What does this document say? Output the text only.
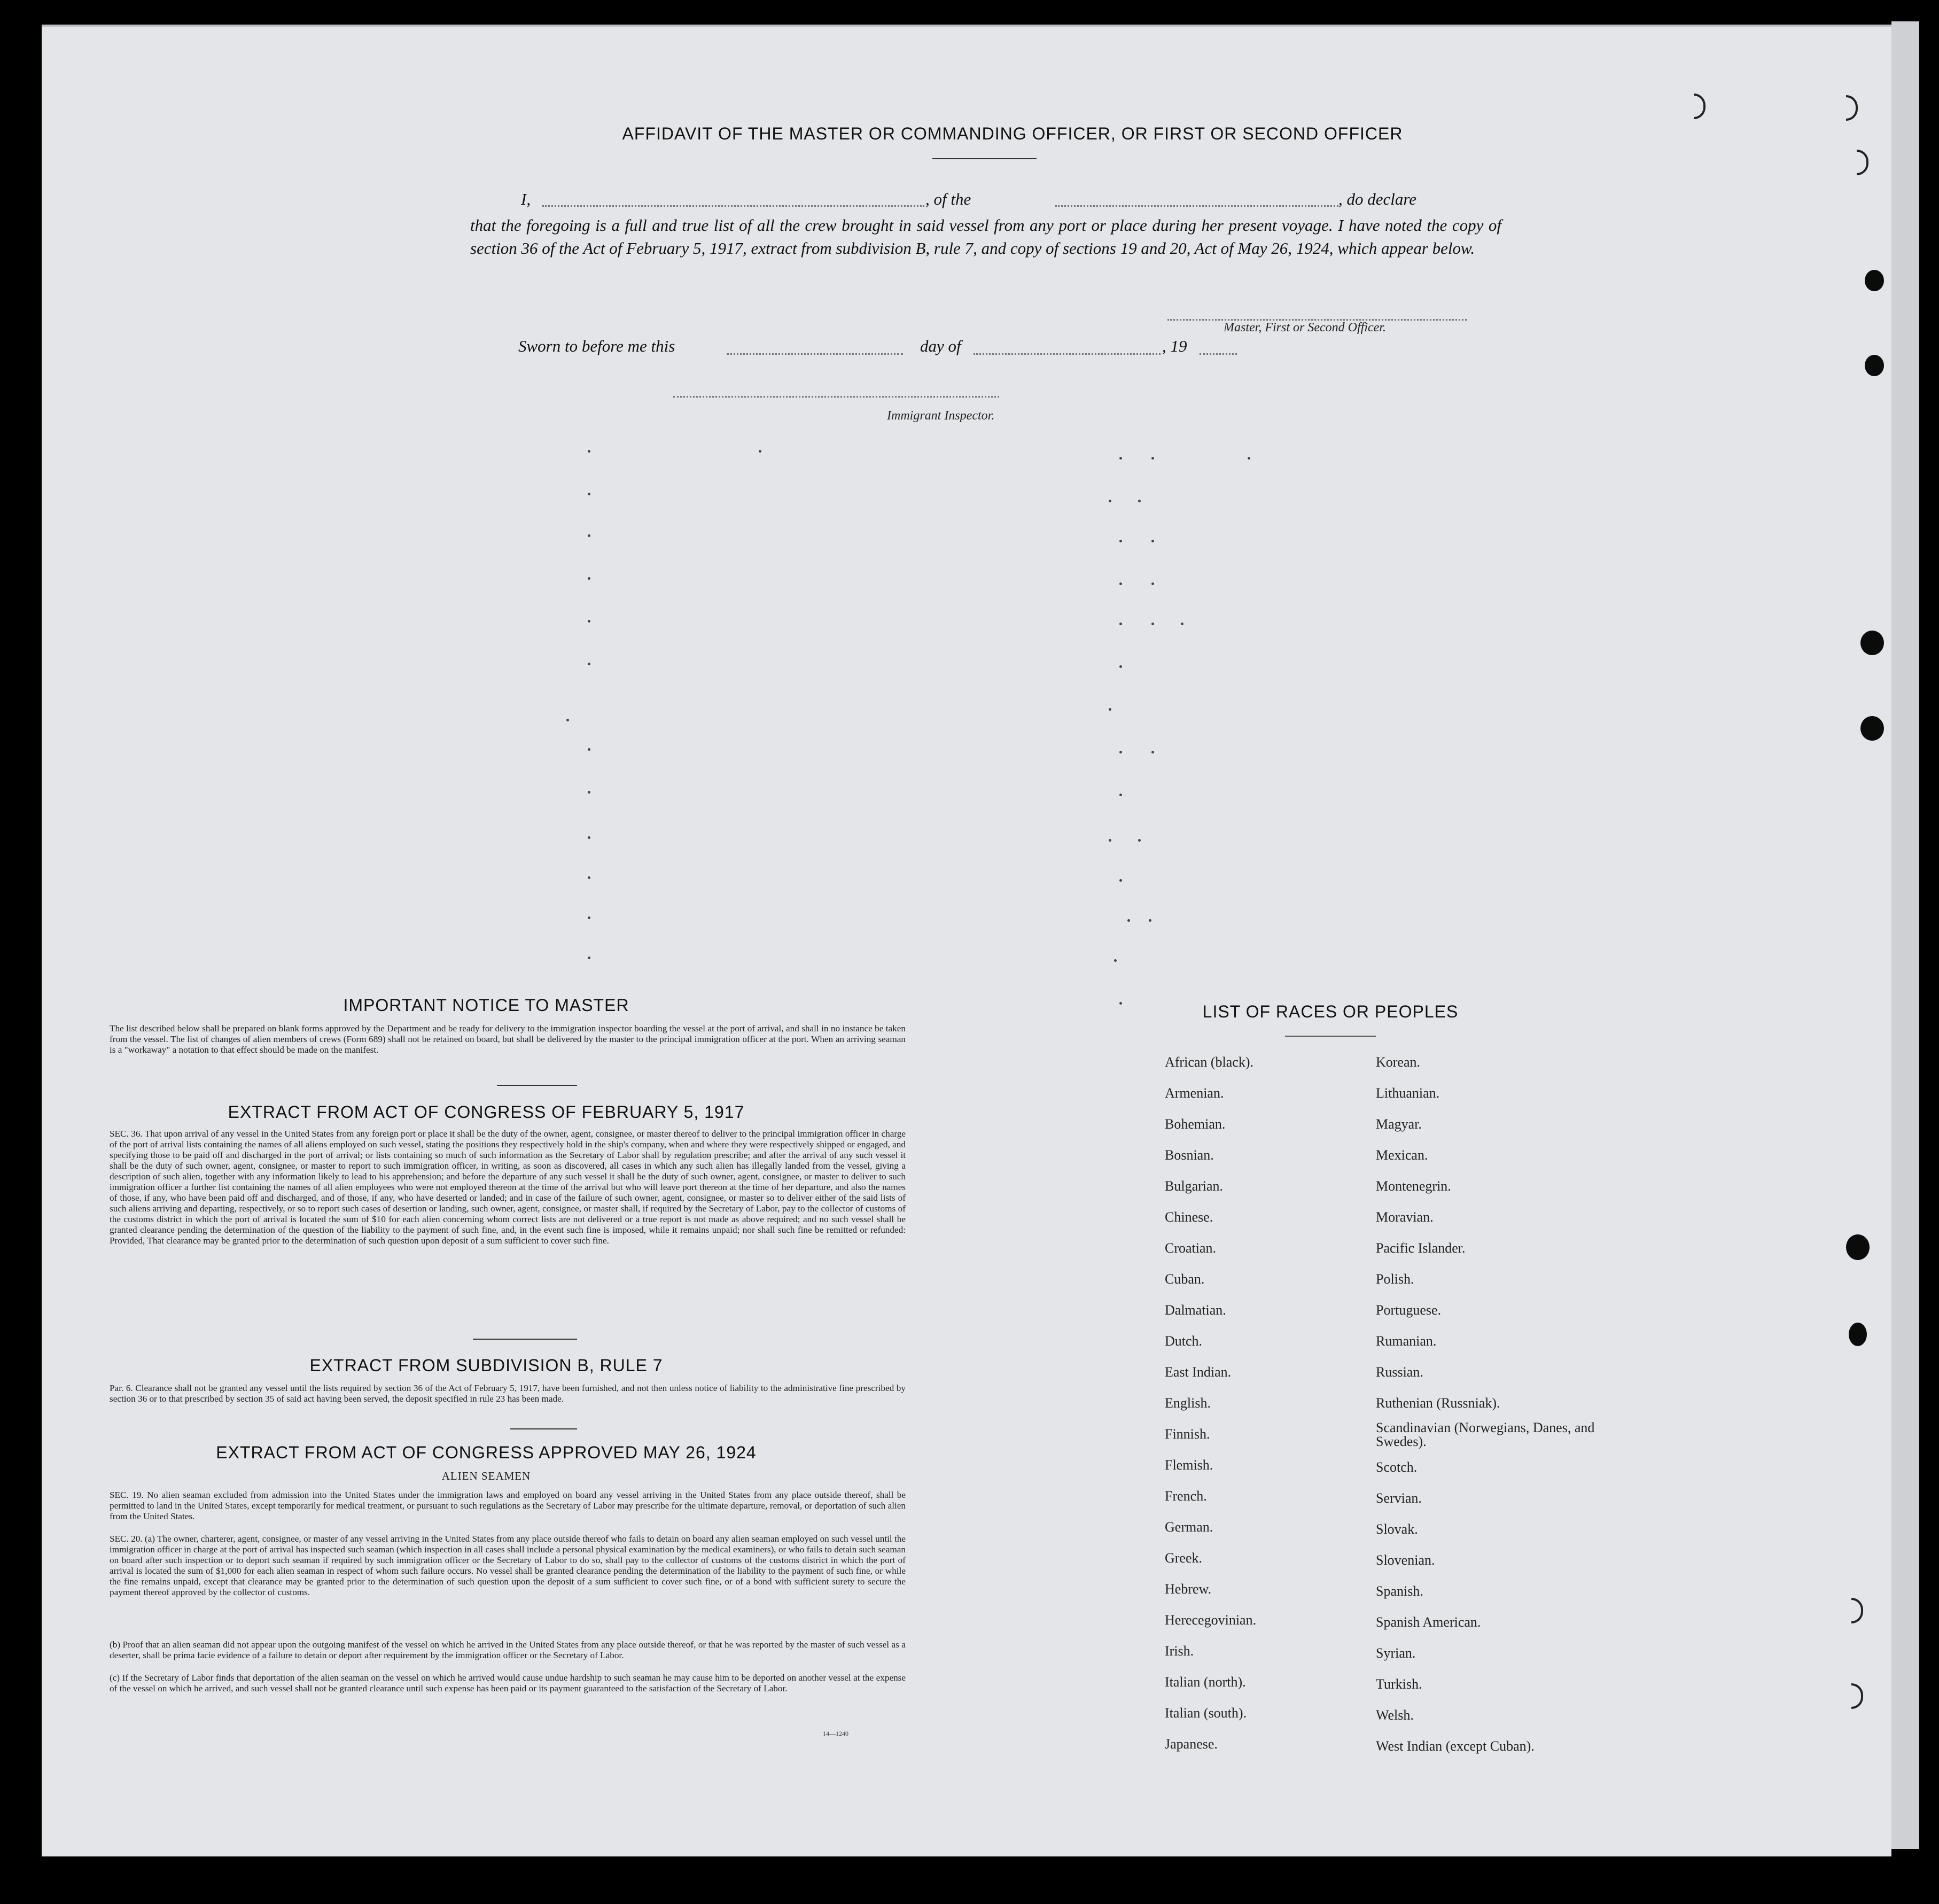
AFFIDAVIT OF THE MASTER OR COMMANDING OFFICER, OR FIRST OR SECOND OFFICER
I,	, of the	, do declare
that the foregoing is a full and true list of all the crew brought in said vessel from any port or place during her present voyage. I have noted the copy of section 36 of the Act of February 5, 1917, extract from subdivision B, rule 7, and copy of sections 19 and 20, Act of May 26, 1924, which appear below.
Master, First or Second Officer.
Sworn to before me this	day of	, 19
Immigrant Inspector.
IMPORTANT NOTICE TO MASTER
The list described below shall be prepared on blank forms approved by the Department and be ready for delivery to the immigration inspector boarding the vessel at the port of arrival, and shall in no instance be taken from the vessel. The list of changes of alien members of crews (Form 689) shall not be retained on board, but shall be delivered by the master to the principal immigration officer at the port. When an arriving seaman is a "workaway" a notation to that effect should be made on the manifest.
EXTRACT FROM ACT OF CONGRESS OF FEBRUARY 5, 1917
SEC. 36. That upon arrival of any vessel in the United States from any foreign port or place it shall be the duty of the owner, agent, consignee, or master thereof to deliver to the principal immigration officer in charge of the port of arrival lists containing the names of all aliens employed on such vessel, stating the positions they respectively hold in the ship's company, when and where they were respectively shipped or engaged, and specifying those to be paid off and discharged in the port of arrival; or lists containing so much of such information as the Secretary of Labor shall by regulation prescribe; and after the arrival of any such vessel it shall be the duty of such owner, agent, consignee, or master to report to such immigration officer, in writing, as soon as discovered, all cases in which any such alien has illegally landed from the vessel, giving a description of such alien, together with any information likely to lead to his apprehension; and before the departure of any such vessel it shall be the duty of such owner, agent, consignee, or master to deliver to such immigration officer a further list containing the names of all alien employees who were not employed thereon at the time of the arrival but who will leave port thereon at the time of her departure, and also the names of those, if any, who have been paid off and discharged, and of those, if any, who have deserted or landed; and in case of the failure of such owner, agent, consignee, or master so to deliver either of the said lists of such aliens arriving and departing, respectively, or so to report such cases of desertion or landing, such owner, agent, consignee, or master shall, if required by the Secretary of Labor, pay to the collector of customs of the customs district in which the port of arrival is located the sum of $10 for each alien concerning whom correct lists are not delivered or a true report is not made as above required; and no such vessel shall be granted clearance pending the determination of the question of the liability to the payment of such fine, and, in the event such fine is imposed, while it remains unpaid; nor shall such fine be remitted or refunded: Provided, That clearance may be granted prior to the determination of such question upon deposit of a sum sufficient to cover such fine.
EXTRACT FROM SUBDIVISION B, RULE 7
Par. 6. Clearance shall not be granted any vessel until the lists required by section 36 of the Act of February 5, 1917, have been furnished, and not then unless notice of liability to the administrative fine prescribed by section 36 or to that prescribed by section 35 of said act having been served, the deposit specified in rule 23 has been made.
EXTRACT FROM ACT OF CONGRESS APPROVED MAY 26, 1924
ALIEN SEAMEN
SEC. 19. No alien seaman excluded from admission into the United States under the immigration laws and employed on board any vessel arriving in the United States from any place outside thereof, shall be permitted to land in the United States, except temporarily for medical treatment, or pursuant to such regulations as the Secretary of Labor may prescribe for the ultimate departure, removal, or deportation of such alien from the United States.
SEC. 20. (a) The owner, charterer, agent, consignee, or master of any vessel arriving in the United States from any place outside thereof who fails to detain on board any alien seaman employed on such vessel until the immigration officer in charge at the port of arrival has inspected such seaman (which inspection in all cases shall include a personal physical examination by the medical examiners), or who fails to detain such seaman on board after such inspection or to deport such seaman if required by such immigration officer or the Secretary of Labor to do so, shall pay to the collector of customs of the customs district in which the port of arrival is located the sum of $1,000 for each alien seaman in respect of whom such failure occurs. No vessel shall be granted clearance pending the determination of the liability to the payment of such fine, or while the fine remains unpaid, except that clearance may be granted prior to the determination of such question upon the deposit of a sum sufficient to cover such fine, or of a bond with sufficient surety to secure the payment thereof approved by the collector of customs.
(b) Proof that an alien seaman did not appear upon the outgoing manifest of the vessel on which he arrived in the United States from any place outside thereof, or that he was reported by the master of such vessel as a deserter, shall be prima facie evidence of a failure to detain or deport after requirement by the immigration officer or the Secretary of Labor.
(c) If the Secretary of Labor finds that deportation of the alien seaman on the vessel on which he arrived would cause undue hardship to such seaman he may cause him to be deported on another vessel at the expense of the vessel on which he arrived, and such vessel shall not be granted clearance until such expense has been paid or its payment guaranteed to the satisfaction of the Secretary of Labor.
14—1240
LIST OF RACES OR PEOPLES
African (black).
Armenian.
Bohemian.
Bosnian.
Bulgarian.
Chinese.
Croatian.
Cuban.
Dalmatian.
Dutch.
East Indian.
English.
Finnish.
Flemish.
French.
German.
Greek.
Hebrew.
Herecegovinian.
Irish.
Italian (north).
Italian (south).
Japanese.
Korean.
Lithuanian.
Magyar.
Mexican.
Montenegrin.
Moravian.
Pacific Islander.
Polish.
Portuguese.
Rumanian.
Russian.
Ruthenian (Russniak).
Scandinavian (Norwegians, Danes, and Swedes).
Scotch.
Servian.
Slovak.
Slovenian.
Spanish.
Spanish American.
Syrian.
Turkish.
Welsh.
West Indian (except Cuban).
